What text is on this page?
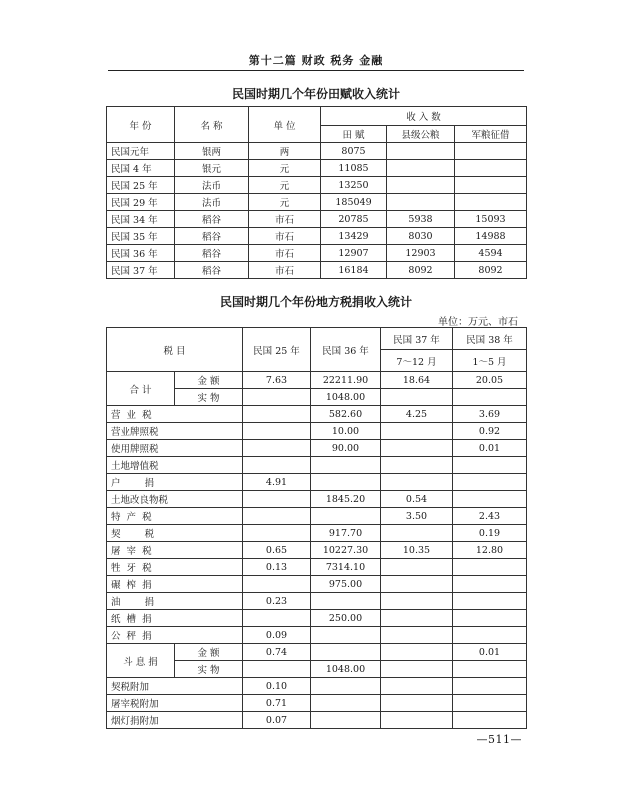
第十二篇 财政 税务 金融
民国时期几个年份田赋收入统计
年 份	名 称	单 位	收 入 数		
			田 赋	县级公粮	军粮征借
民国元年	银两	两	8075		
民国 4 年	银元	元	11085		
民国 25 年	法币	元	13250		
民国 29 年	法币	元	185049		
民国 34 年	稻谷	市石	20785	5938	15093
民国 35 年	稻谷	市石	13429	8030	14988
民国 36 年	稻谷	市石	12907	12903	4594
民国 37 年	稻谷	市石	16184	8092	8092
民国时期几个年份地方税捐收入统计
单位：万元、市石
税 目		民国 25 年	民国 36 年	民国 37 年	民国 38 年
				7～12 月	1～5 月
合 计	金 额	7.63	22211.90	18.64	20.05
	实 物		1048.00		
营  业  税			582.60	4.25	3.69
营业牌照税			10.00		0.92
使用牌照税			90.00		0.01
土地增值税					
户        捐		4.91			
土地改良物税			1845.20	0.54	
特  产  税				3.50	2.43
契        税			917.70		0.19
屠  宰  税		0.65	10227.30	10.35	12.80
牲  牙  税		0.13	7314.10		
碾  榨  捐			975.00		
油        捐		0.23			
纸  槽  捐			250.00		
公  秤  捐		0.09			
斗 息 捐	金 额	0.74			0.01
	实 物		1048.00		
契税附加		0.10			
屠宰税附加		0.71			
烟灯捐附加		0.07			
—511—
